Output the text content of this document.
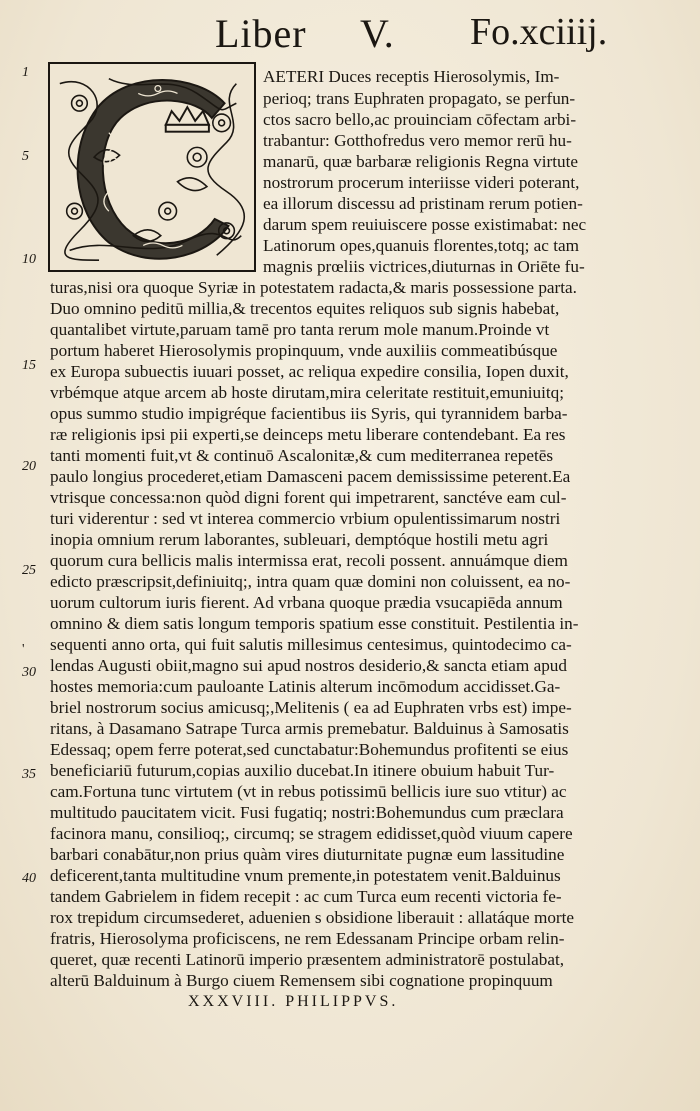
Liber V. Fo.xciiij.
1
5
10
15
20
25
30
35
40
'
AETERI Duces receptis Hierosolymis, Im-
perioq; trans Euphraten propagato, se perfun-
ctos sacro bello,ac prouinciam cōfectam arbi-
trabantur: Gotthofredus vero memor rerū hu-
manarū, quæ barbaræ religionis Regna virtute
nostrorum procerum interiisse videri poterant,
ea illorum discessu ad pristinam rerum potien-
darum spem reuiuiscere posse existimabat: nec
Latinorum opes,quanuis florentes,totq; ac tam
magnis prœliis victrices,diuturnas in Oriēte fu-
turas,nisi ora quoque Syriæ in potestatem radacta,& maris possessione parta.
Duo omnino peditū millia,& trecentos equites reliquos sub signis habebat,
quantalibet virtute,paruam tamē pro tanta rerum mole manum.Proinde vt
portum haberet Hierosolymis propinquum, vnde auxiliis commeatibúsque
ex Europa subuectis iuuari posset, ac reliqua expedire consilia, Iopen duxit,
vrbémque atque arcem ab hoste dirutam,mira celeritate restituit,emuniuitq;
opus summo studio impigréque facientibus iis Syris, qui tyrannidem barba-
ræ religionis ipsi pii experti,se deinceps metu liberare contendebant. Ea res
tanti momenti fuit,vt & continuō Ascalonitæ,& cum mediterranea repetēs
paulo longius procederet,etiam Damasceni pacem demississime peterent.Ea
vtrisque concessa:non quòd digni forent qui impetrarent, sanctéve eam cul-
turi viderentur : sed vt interea commercio vrbium opulentissimarum nostri
inopia omnium rerum laborantes, subleuari, demptóque hostili metu agri
quorum cura bellicis malis intermissa erat, recoli possent. annuámque diem
edicto præscripsit,definiuitq;, intra quam quæ domini non coluissent, ea no-
uorum cultorum iuris fierent. Ad vrbana quoque prædia vsucapiēda annum
omnino & diem satis longum temporis spatium esse constituit. Pestilentia in-
sequenti anno orta, qui fuit salutis millesimus centesimus, quintodecimo ca-
lendas Augusti obiit,magno sui apud nostros desiderio,& sancta etiam apud
hostes memoria:cum pauloante Latinis alterum incōmodum accidisset.Ga-
briel nostrorum socius amicusq;,Melitenis ( ea ad Euphraten vrbs est) impe-
ritans, à Dasamano Satrape Turca armis premebatur. Balduinus à Samosatis
Edessaq; opem ferre poterat,sed cunctabatur:Bohemundus profitenti se eius
beneficiariū futurum,copias auxilio ducebat.In itinere obuium habuit Tur-
cam.Fortuna tunc virtutem (vt in rebus potissimū bellicis iure suo vtitur) ac
multitudo paucitatem vicit. Fusi fugatiq; nostri:Bohemundus cum præclara
facinora manu, consilioq;, circumq; se stragem edidisset,quòd viuum capere
barbari conabātur,non prius quàm vires diuturnitate pugnæ eum lassitudine
deficerent,tanta multitudine vnum premente,in potestatem venit.Balduinus
tandem Gabrielem in fidem recepit : ac cum Turca eum recenti victoria fe-
rox trepidum circumsederet, aduenien s obsidione liberauit : allatáque morte
fratris, Hierosolyma proficiscens, ne rem Edessanam Principe orbam relin-
queret, quæ recenti Latinorū imperio præsentem administratorē postulabat,
alterū Balduinum à Burgo ciuem Remensem sibi cognatione propinquum
XXXVIII. PHILIPPVS.
